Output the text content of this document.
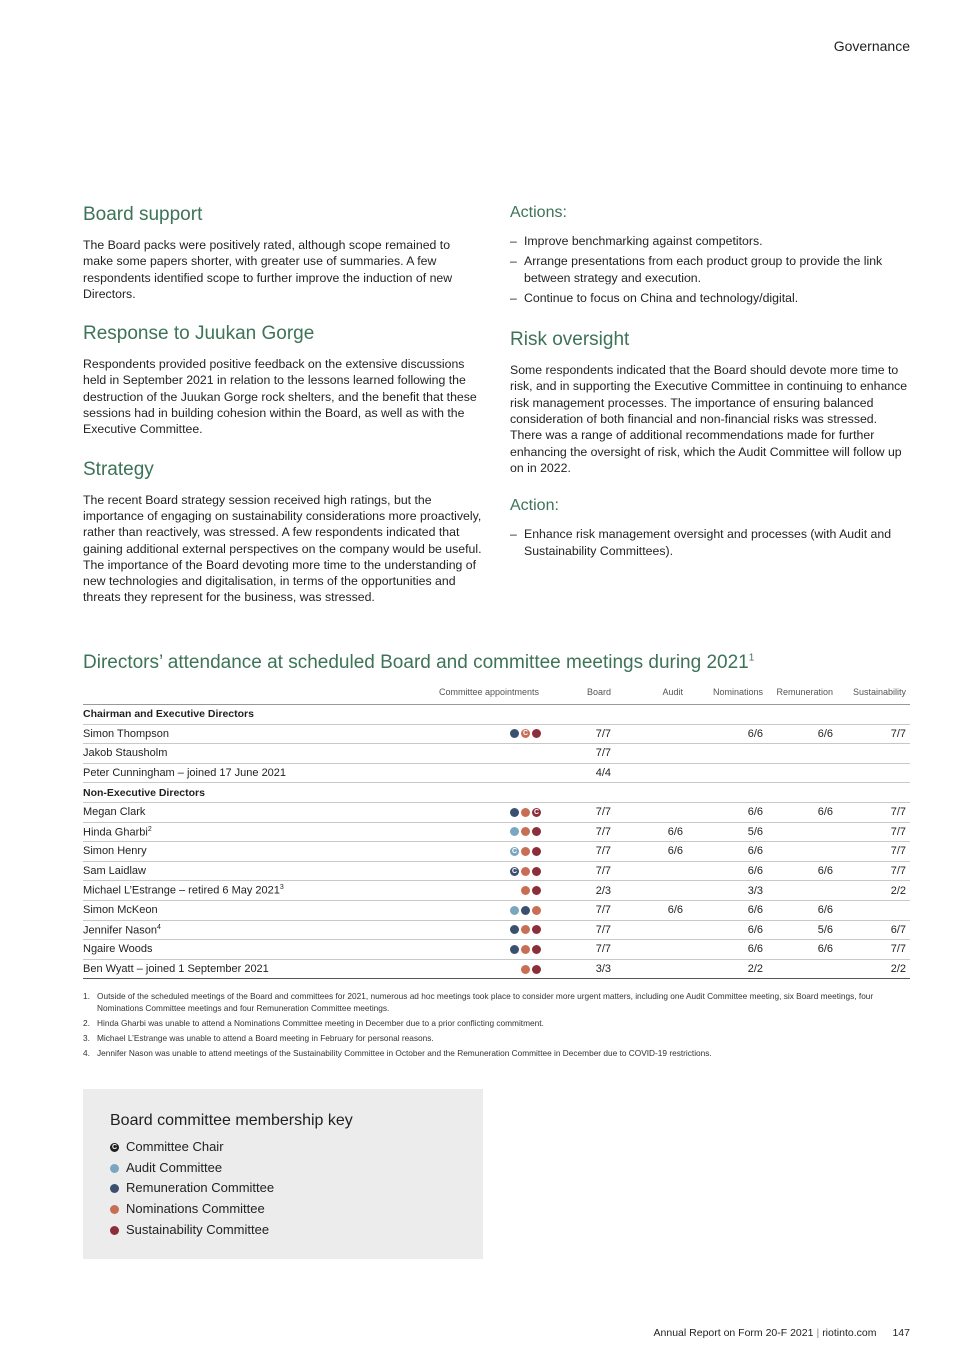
Governance
Board support

The Board packs were positively rated, although scope remained to make some papers shorter, with greater use of summaries. A few respondents identified scope to further improve the induction of new Directors.

Response to Juukan Gorge

Respondents provided positive feedback on the extensive discussions held in September 2021 in relation to the lessons learned following the destruction of the Juukan Gorge rock shelters, and the benefit that these sessions had in building cohesion within the Board, as well as with the Executive Committee.

Strategy

The recent Board strategy session received high ratings, but the importance of engaging on sustainability considerations more proactively, rather than reactively, was stressed. A few respondents indicated that gaining additional external perspectives on the company would be useful. The importance of the Board devoting more time to the understanding of new technologies and digitalisation, in terms of the opportunities and threats they represent for the business, was stressed.

Actions:
– Improve benchmarking against competitors.
– Arrange presentations from each product group to provide the link between strategy and execution.
– Continue to focus on China and technology/digital.
Risk oversight

Some respondents indicated that the Board should devote more time to risk, and in supporting the Executive Committee in continuing to enhance risk management processes. The importance of ensuring balanced consideration of both financial and non-financial risks was stressed. There was a range of additional recommendations made for further enhancing the oversight of risk, which the Audit Committee will follow up on in 2022.

Action:
– Enhance risk management oversight and processes (with Audit and Sustainability Committees).
Directors’ attendance at scheduled Board and committee meetings during 2021$^1$
	Committee appointments	Board	Audit	Nominations	Remuneration	Sustainability
Chairman and Executive Directors						
Simon Thompson	C	7/7		6/6	6/6	7/7
Jakob Stausholm		7/7				
Peter Cunningham – joined 17 June 2021		4/4				
Non-Executive Directors						
Megan Clark	C	7/7		6/6	6/6	7/7
Hinda Gharbi$^2$		7/7	6/6	5/6		7/7
Simon Henry	C	7/7	6/6	6/6		7/7
Sam Laidlaw	C	7/7		6/6	6/6	7/7
Michael L’Estrange – retired 6 May 2021$^3$		2/3		3/3		2/2
Simon McKeon		7/7	6/6	6/6	6/6	
Jennifer Nason$^4$		7/7		6/6	5/6	6/7
Ngaire Woods		7/7		6/6	6/6	7/7
Ben Wyatt – joined 1 September 2021		3/3		2/2		2/2
1. Outside of the scheduled meetings of the Board and committees for 2021, numerous ad hoc meetings took place to consider more urgent matters, including one Audit Committee meeting, six Board meetings, four Nominations Committee meetings and four Remuneration Committee meetings.
2. Hinda Gharbi was unable to attend a Nominations Committee meeting in December due to a prior conflicting commitment.
3. Michael L’Estrange was unable to attend a Board meeting in February for personal reasons.
4. Jennifer Nason was unable to attend meetings of the Sustainability Committee in October and the Remuneration Committee in December due to COVID-19 restrictions.
Board committee membership key
C
Committee Chair
Audit Committee
Remuneration Committee
Nominations Committee
Sustainability Committee
Annual Report on Form 20-F 2021 | riotinto.com 147
